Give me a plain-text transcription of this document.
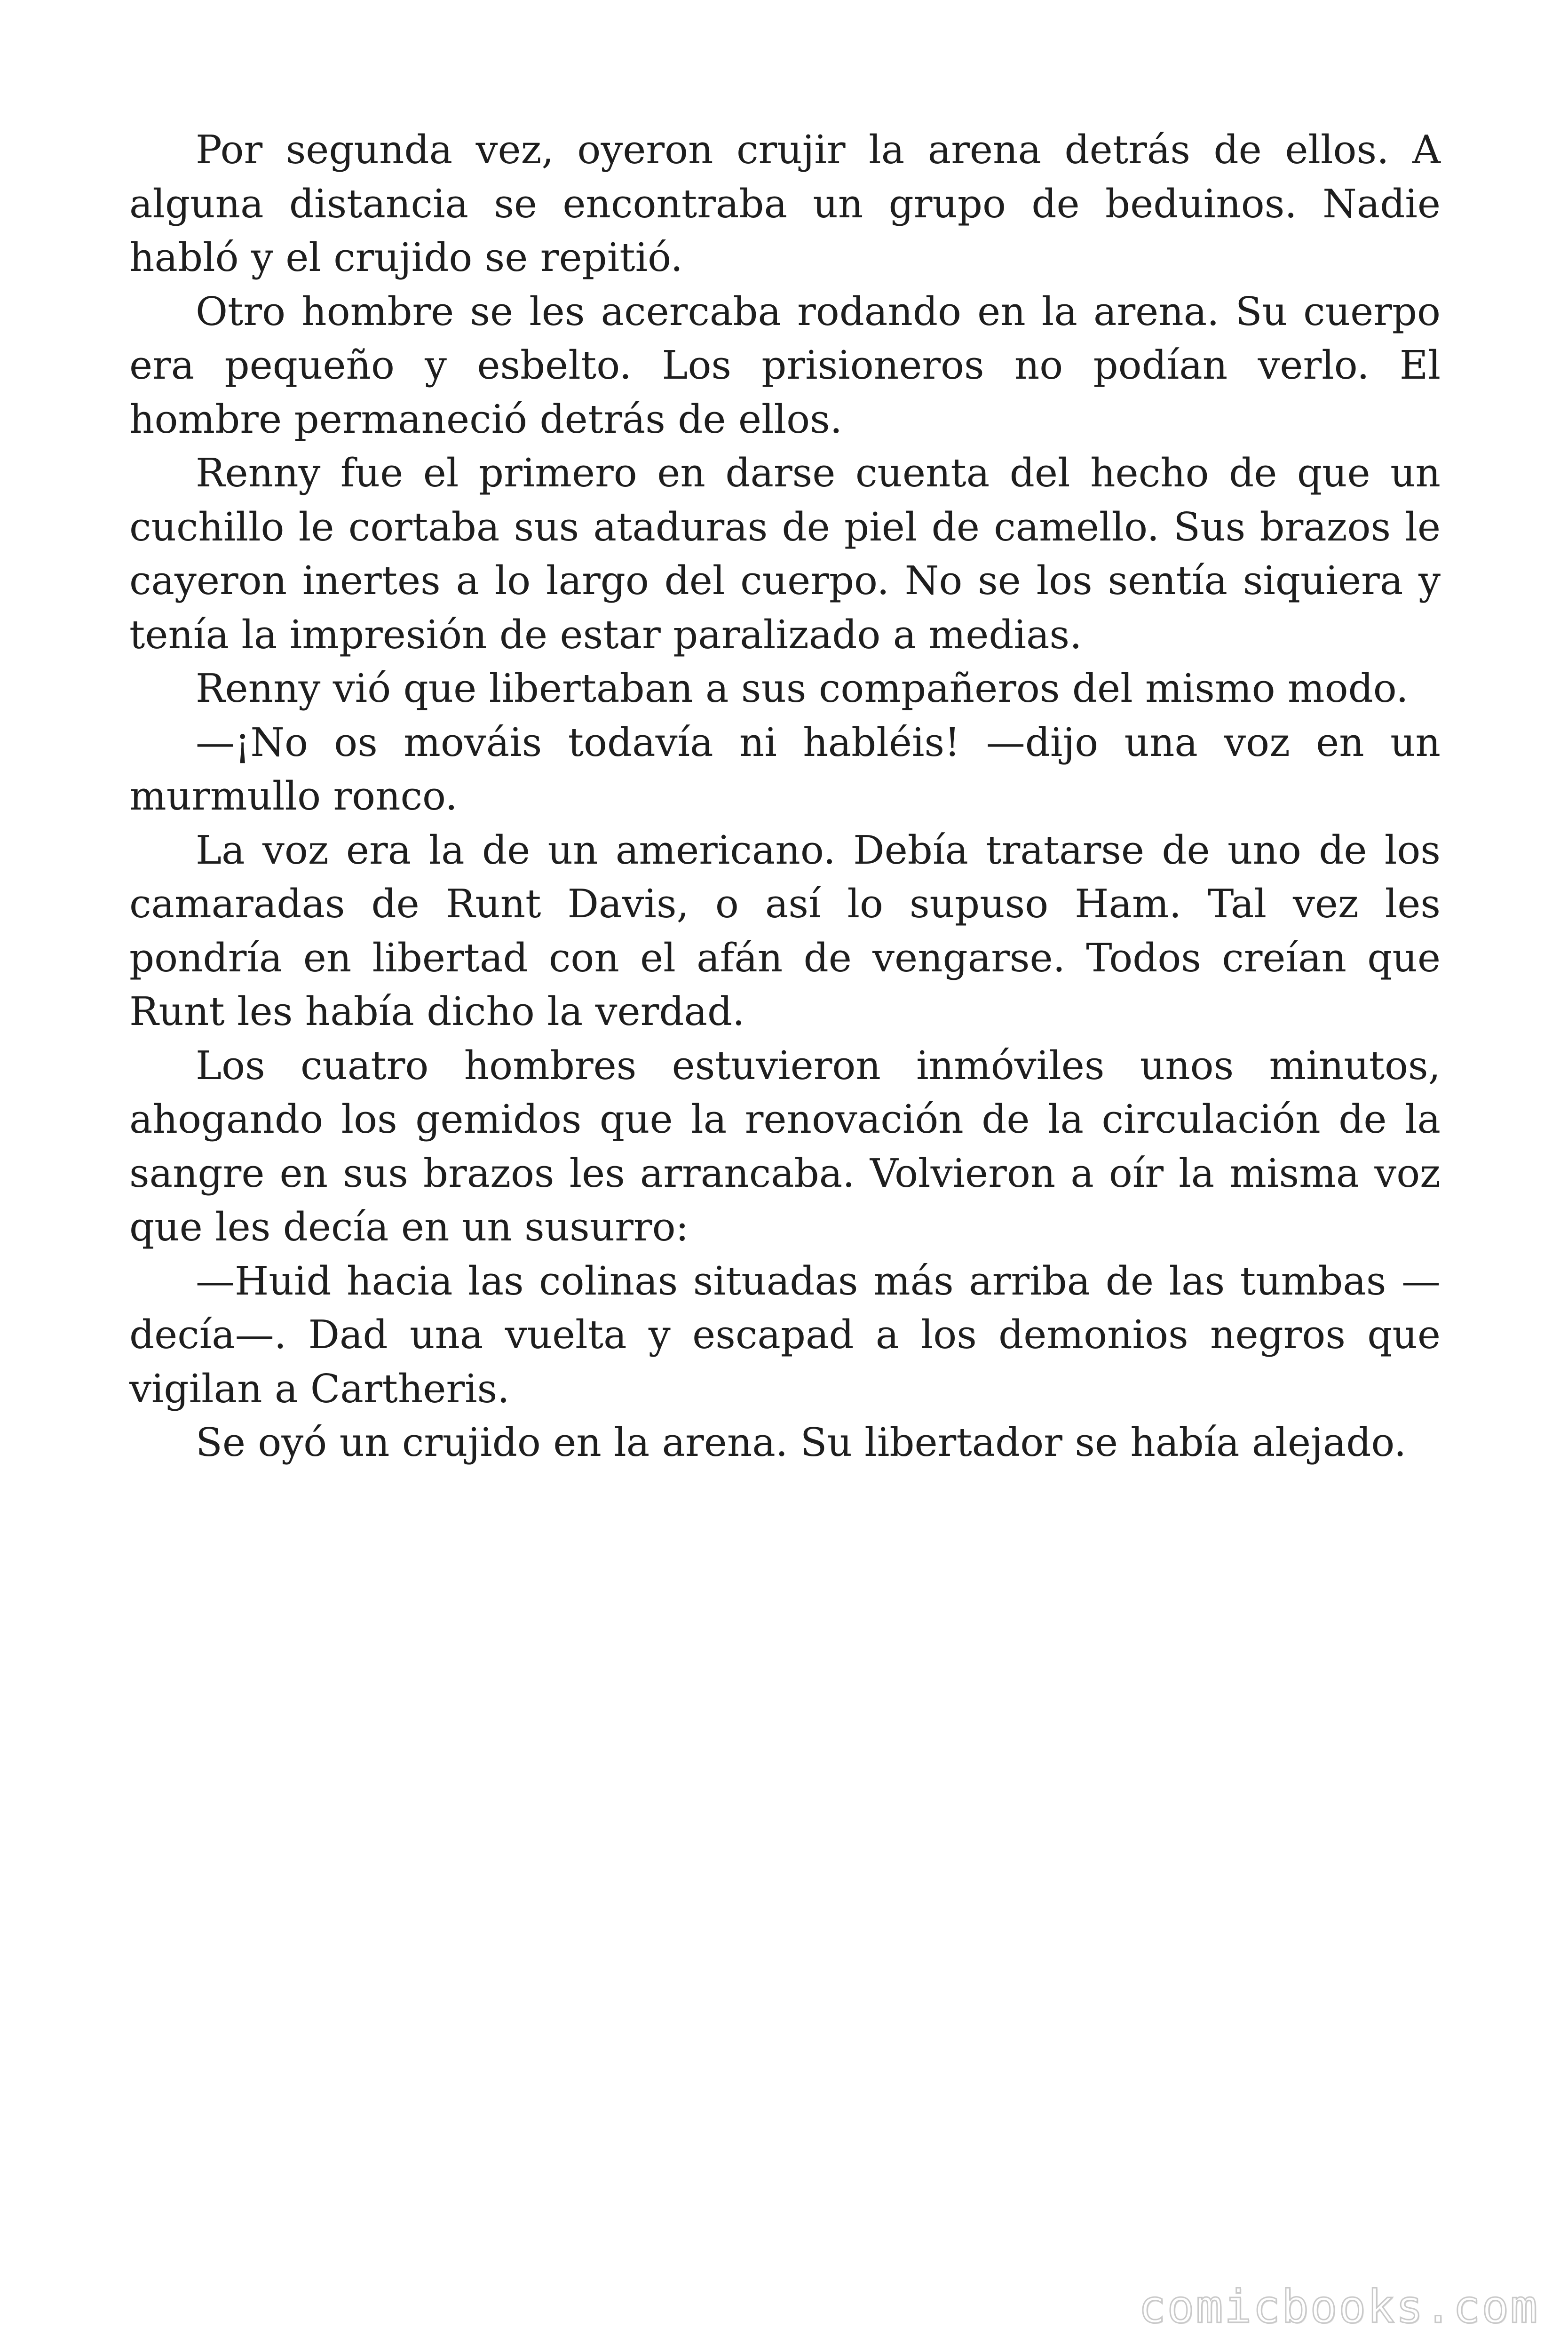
Por segunda vez, oyeron crujir la arena detrás de ellos. A alguna distancia se encontraba un grupo de beduinos. Nadie habló y el crujido se repitió.

Otro hombre se les acercaba rodando en la arena. Su cuerpo era pequeño y esbelto. Los prisioneros no podían verlo. El hombre permaneció detrás de ellos.

Renny fue el primero en darse cuenta del hecho de que un cuchillo le cortaba sus ataduras de piel de camello. Sus brazos le cayeron inertes a lo largo del cuerpo. No se los sentía siquiera y tenía la impresión de estar paralizado a medias.

Renny vió que libertaban a sus compañeros del mismo modo.

—¡No os mováis todavía ni habléis! —dijo una voz en un murmullo ronco.

La voz era la de un americano. Debía tratarse de uno de los camaradas de Runt Davis, o así lo supuso Ham. Tal vez les pondría en libertad con el afán de vengarse. Todos creían que Runt les había dicho la verdad.

Los cuatro hombres estuvieron inmóviles unos minutos, ahogando los gemidos que la renovación de la circulación de la sangre en sus brazos les arrancaba. Volvieron a oír la misma voz que les decía en un susurro:

—Huid hacia las colinas situadas más arriba de las tumbas —decía—. Dad una vuelta y escapad a los demonios negros que vigilan a Cartheris.

Se oyó un crujido en la arena. Su libertador se había alejado.

comicbooks.com
